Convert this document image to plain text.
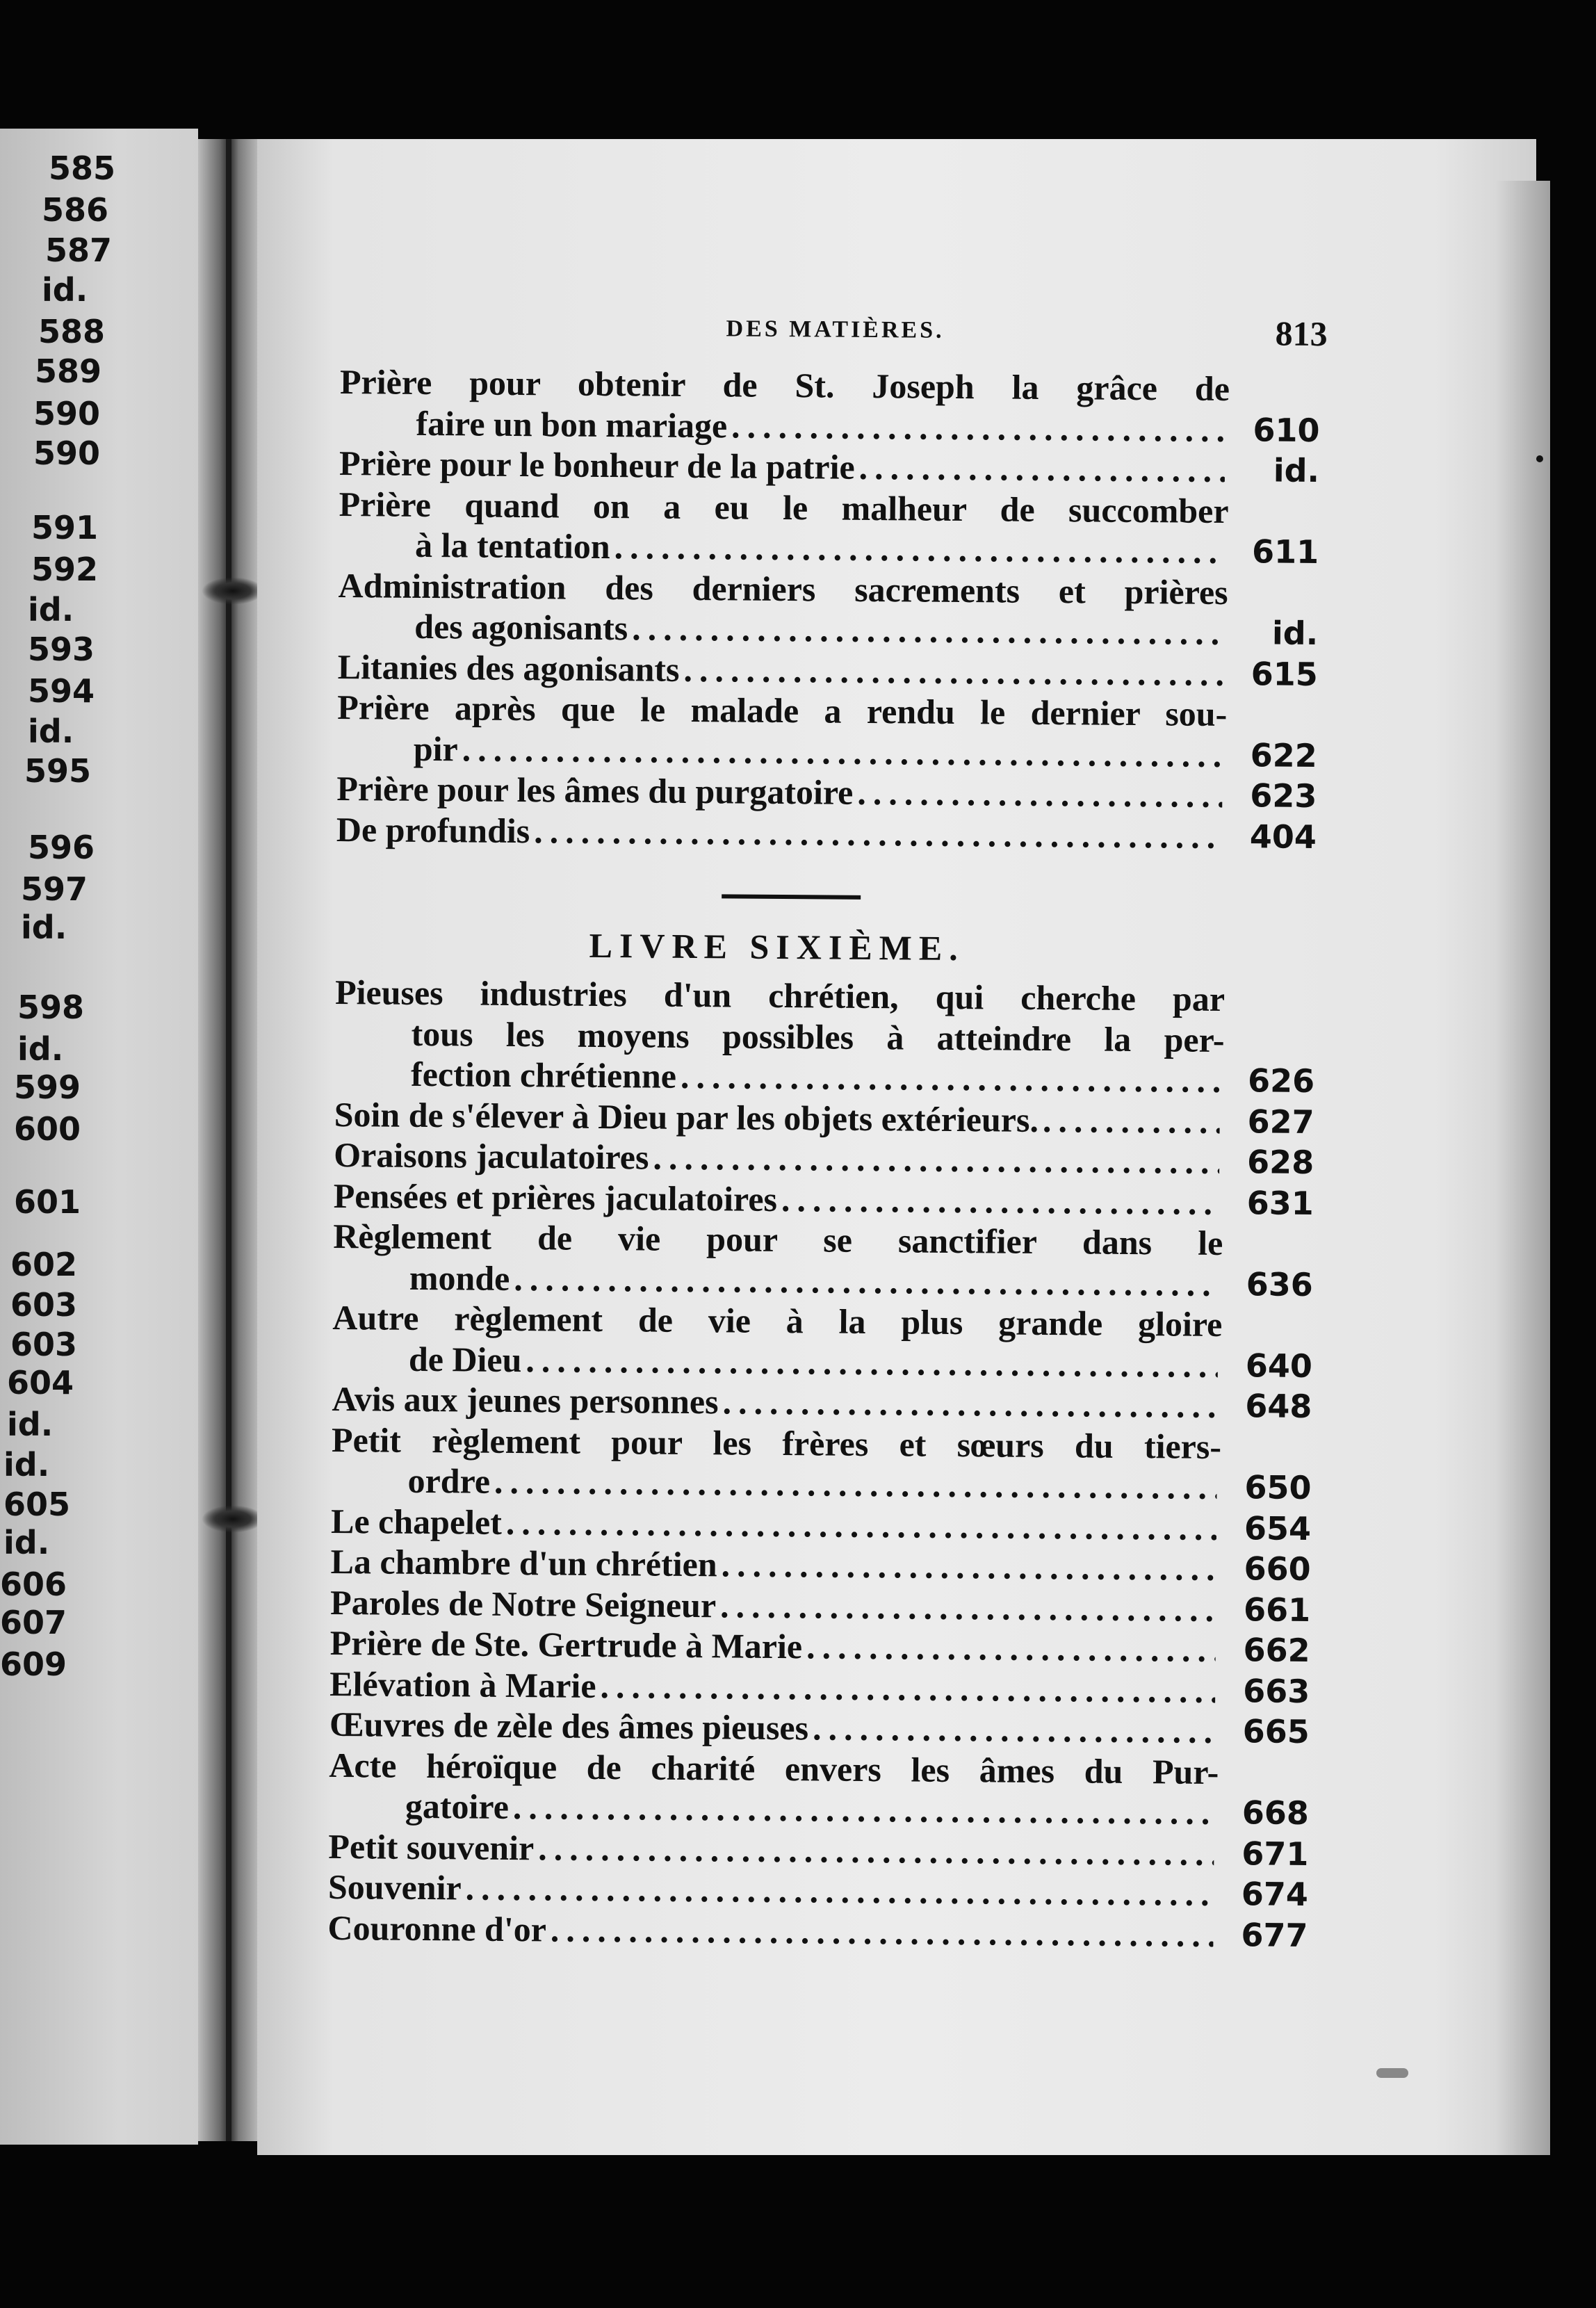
585
586
587
id.
588
589
590
590
591
592
id.
593
594
id.
595
596
597
id.
598
id.
599
600
601
602
603
603
604
id.
id.
605
id.
606
607
609
DES MATIÈRES.	813
Prière pour obtenir de St. Joseph la grâce de
faire un bon mariage .....	610
Prière pour le bonheur de la patrie .....	id.
Prière quand on a eu le malheur de succomber
à la tentation .....	611
Administration des derniers sacrements et prières
des agonisants .....	id.
Litanies des agonisants .....	615
Prière après que le malade a rendu le dernier sou-
pir .....	622
Prière pour les âmes du purgatoire .....	623
De profundis .....	404
LIVRE SIXIÈME.
Pieuses industries d'un chrétien, qui cherche par
tous les moyens possibles à atteindre la per-
fection chrétienne .....	626
Soin de s'élever à Dieu par les objets extérieurs. .....	627
Oraisons jaculatoires .....	628
Pensées et prières jaculatoires .....	631
Règlement de vie pour se sanctifier dans le
monde .....	636
Autre règlement de vie à la plus grande gloire
de Dieu .....	640
Avis aux jeunes personnes .....	648
Petit règlement pour les frères et sœurs du tiers-
ordre .....	650
Le chapelet .....	654
La chambre d'un chrétien .....	660
Paroles de Notre Seigneur .....	661
Prière de Ste. Gertrude à Marie .....	662
Elévation à Marie .....	663
Œuvres de zèle des âmes pieuses .....	665
Acte héroïque de charité envers les âmes du Pur-
gatoire .....	668
Petit souvenir .....	671
Souvenir .....	674
Couronne d'or .....	677
